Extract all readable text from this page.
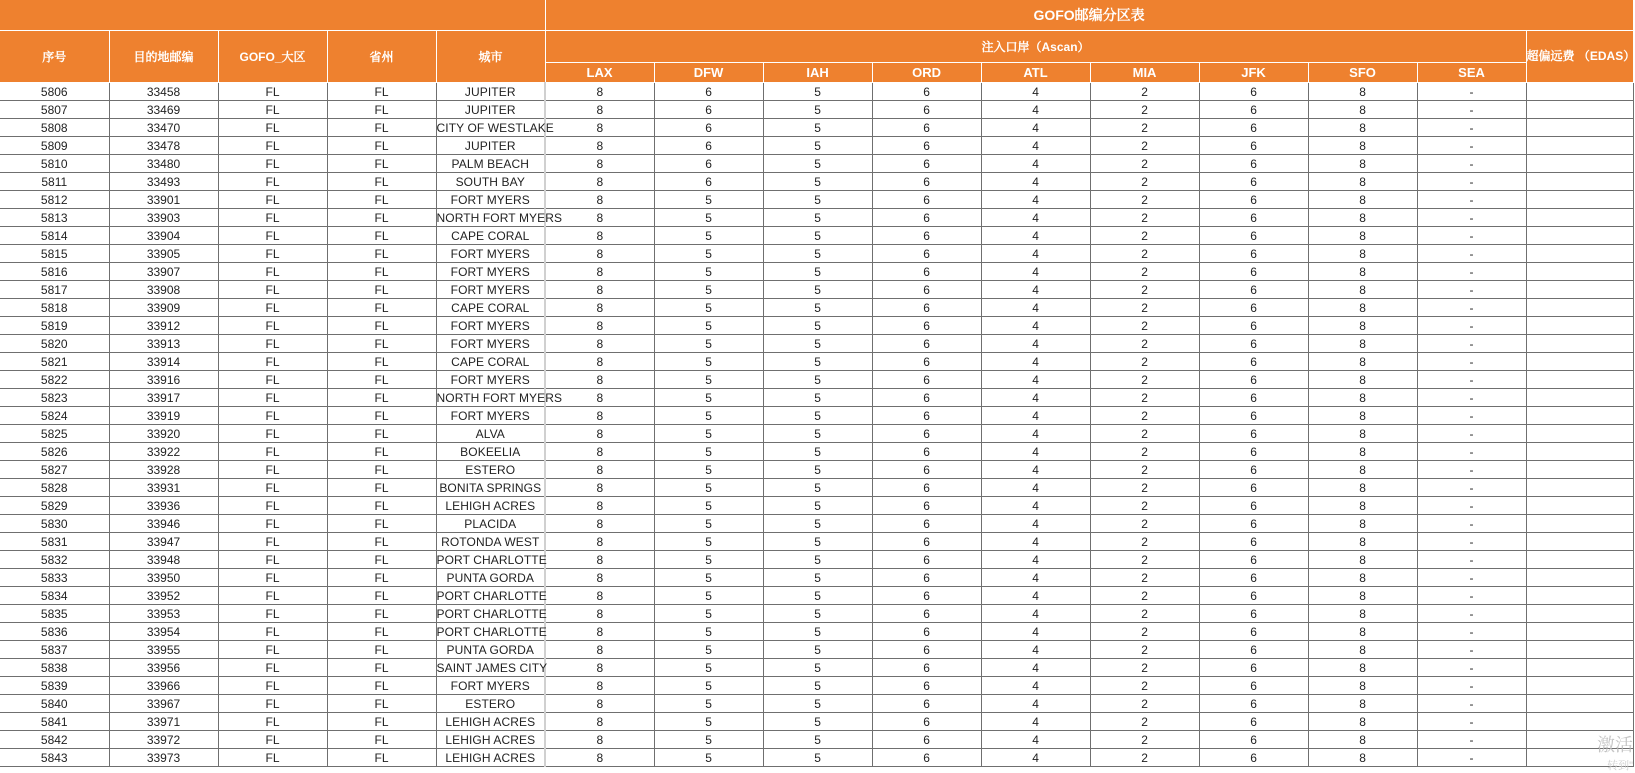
					GOFO邮编分区表									
序号	目的地邮编	GOFO_大区	省州	城市	注入口岸（Ascan）									超偏远费 （EDAS）
					LAX	DFW	IAH	ORD	ATL	MIA	JFK	SFO	SEA	
5806	33458	FL	FL	JUPITER	8	6	5	6	4	2	6	8	-	
5807	33469	FL	FL	JUPITER	8	6	5	6	4	2	6	8	-	
5808	33470	FL	FL	CITY OF WESTLAKE	8	6	5	6	4	2	6	8	-	
5809	33478	FL	FL	JUPITER	8	6	5	6	4	2	6	8	-	
5810	33480	FL	FL	PALM BEACH	8	6	5	6	4	2	6	8	-	
5811	33493	FL	FL	SOUTH BAY	8	6	5	6	4	2	6	8	-	
5812	33901	FL	FL	FORT MYERS	8	5	5	6	4	2	6	8	-	
5813	33903	FL	FL	NORTH FORT MYERS	8	5	5	6	4	2	6	8	-	
5814	33904	FL	FL	CAPE CORAL	8	5	5	6	4	2	6	8	-	
5815	33905	FL	FL	FORT MYERS	8	5	5	6	4	2	6	8	-	
5816	33907	FL	FL	FORT MYERS	8	5	5	6	4	2	6	8	-	
5817	33908	FL	FL	FORT MYERS	8	5	5	6	4	2	6	8	-	
5818	33909	FL	FL	CAPE CORAL	8	5	5	6	4	2	6	8	-	
5819	33912	FL	FL	FORT MYERS	8	5	5	6	4	2	6	8	-	
5820	33913	FL	FL	FORT MYERS	8	5	5	6	4	2	6	8	-	
5821	33914	FL	FL	CAPE CORAL	8	5	5	6	4	2	6	8	-	
5822	33916	FL	FL	FORT MYERS	8	5	5	6	4	2	6	8	-	
5823	33917	FL	FL	NORTH FORT MYERS	8	5	5	6	4	2	6	8	-	
5824	33919	FL	FL	FORT MYERS	8	5	5	6	4	2	6	8	-	
5825	33920	FL	FL	ALVA	8	5	5	6	4	2	6	8	-	
5826	33922	FL	FL	BOKEELIA	8	5	5	6	4	2	6	8	-	
5827	33928	FL	FL	ESTERO	8	5	5	6	4	2	6	8	-	
5828	33931	FL	FL	BONITA SPRINGS	8	5	5	6	4	2	6	8	-	
5829	33936	FL	FL	LEHIGH ACRES	8	5	5	6	4	2	6	8	-	
5830	33946	FL	FL	PLACIDA	8	5	5	6	4	2	6	8	-	
5831	33947	FL	FL	ROTONDA WEST	8	5	5	6	4	2	6	8	-	
5832	33948	FL	FL	PORT CHARLOTTE	8	5	5	6	4	2	6	8	-	
5833	33950	FL	FL	PUNTA GORDA	8	5	5	6	4	2	6	8	-	
5834	33952	FL	FL	PORT CHARLOTTE	8	5	5	6	4	2	6	8	-	
5835	33953	FL	FL	PORT CHARLOTTE	8	5	5	6	4	2	6	8	-	
5836	33954	FL	FL	PORT CHARLOTTE	8	5	5	6	4	2	6	8	-	
5837	33955	FL	FL	PUNTA GORDA	8	5	5	6	4	2	6	8	-	
5838	33956	FL	FL	SAINT JAMES CITY	8	5	5	6	4	2	6	8	-	
5839	33966	FL	FL	FORT MYERS	8	5	5	6	4	2	6	8	-	
5840	33967	FL	FL	ESTERO	8	5	5	6	4	2	6	8	-	
5841	33971	FL	FL	LEHIGH ACRES	8	5	5	6	4	2	6	8	-	
5842	33972	FL	FL	LEHIGH ACRES	8	5	5	6	4	2	6	8	-	
5843	33973	FL	FL	LEHIGH ACRES	8	5	5	6	4	2	6	8	-	
激活
转到"
